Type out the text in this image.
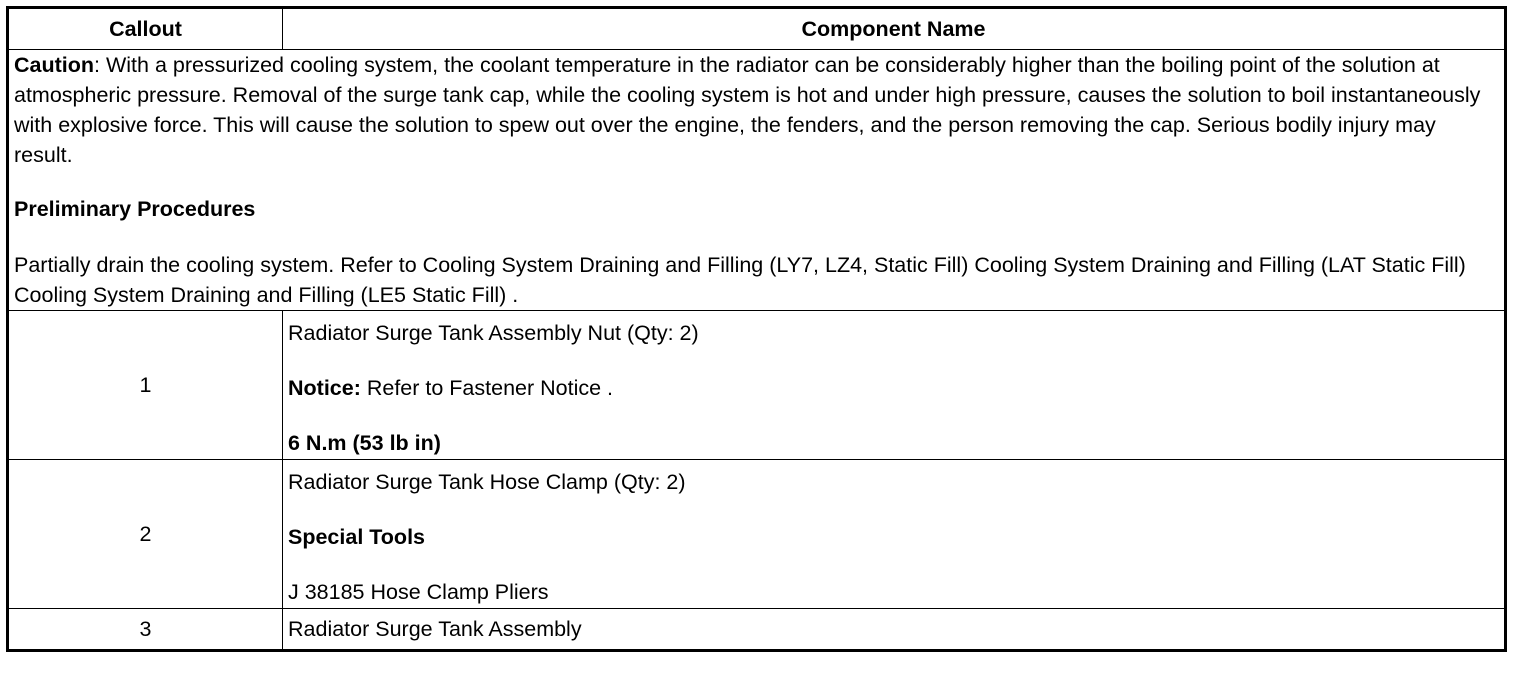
Callout	Component Name

Caution: With a pressurized cooling system, the coolant temperature in the radiator can be considerably higher than the boiling point of the solution at atmospheric pressure. Removal of the surge tank cap, while the cooling system is hot and under high pressure, causes the solution to boil instantaneously with explosive force. This will cause the solution to spew out over the engine, the fenders, and the person removing the cap. Serious bodily injury may result.

Preliminary Procedures

Partially drain the cooling system. Refer to Cooling System Draining and Filling (LY7, LZ4, Static Fill) Cooling System Draining and Filling (LAT Static Fill) Cooling System Draining and Filling (LE5 Static Fill) .	

1	Radiator Surge Tank Assembly Nut (Qty: 2)

Notice: Refer to Fastener Notice .

6 N.m (53 lb in)

2	Radiator Surge Tank Hose Clamp (Qty: 2)

Special Tools

J 38185 Hose Clamp Pliers

3	Radiator Surge Tank Assembly
